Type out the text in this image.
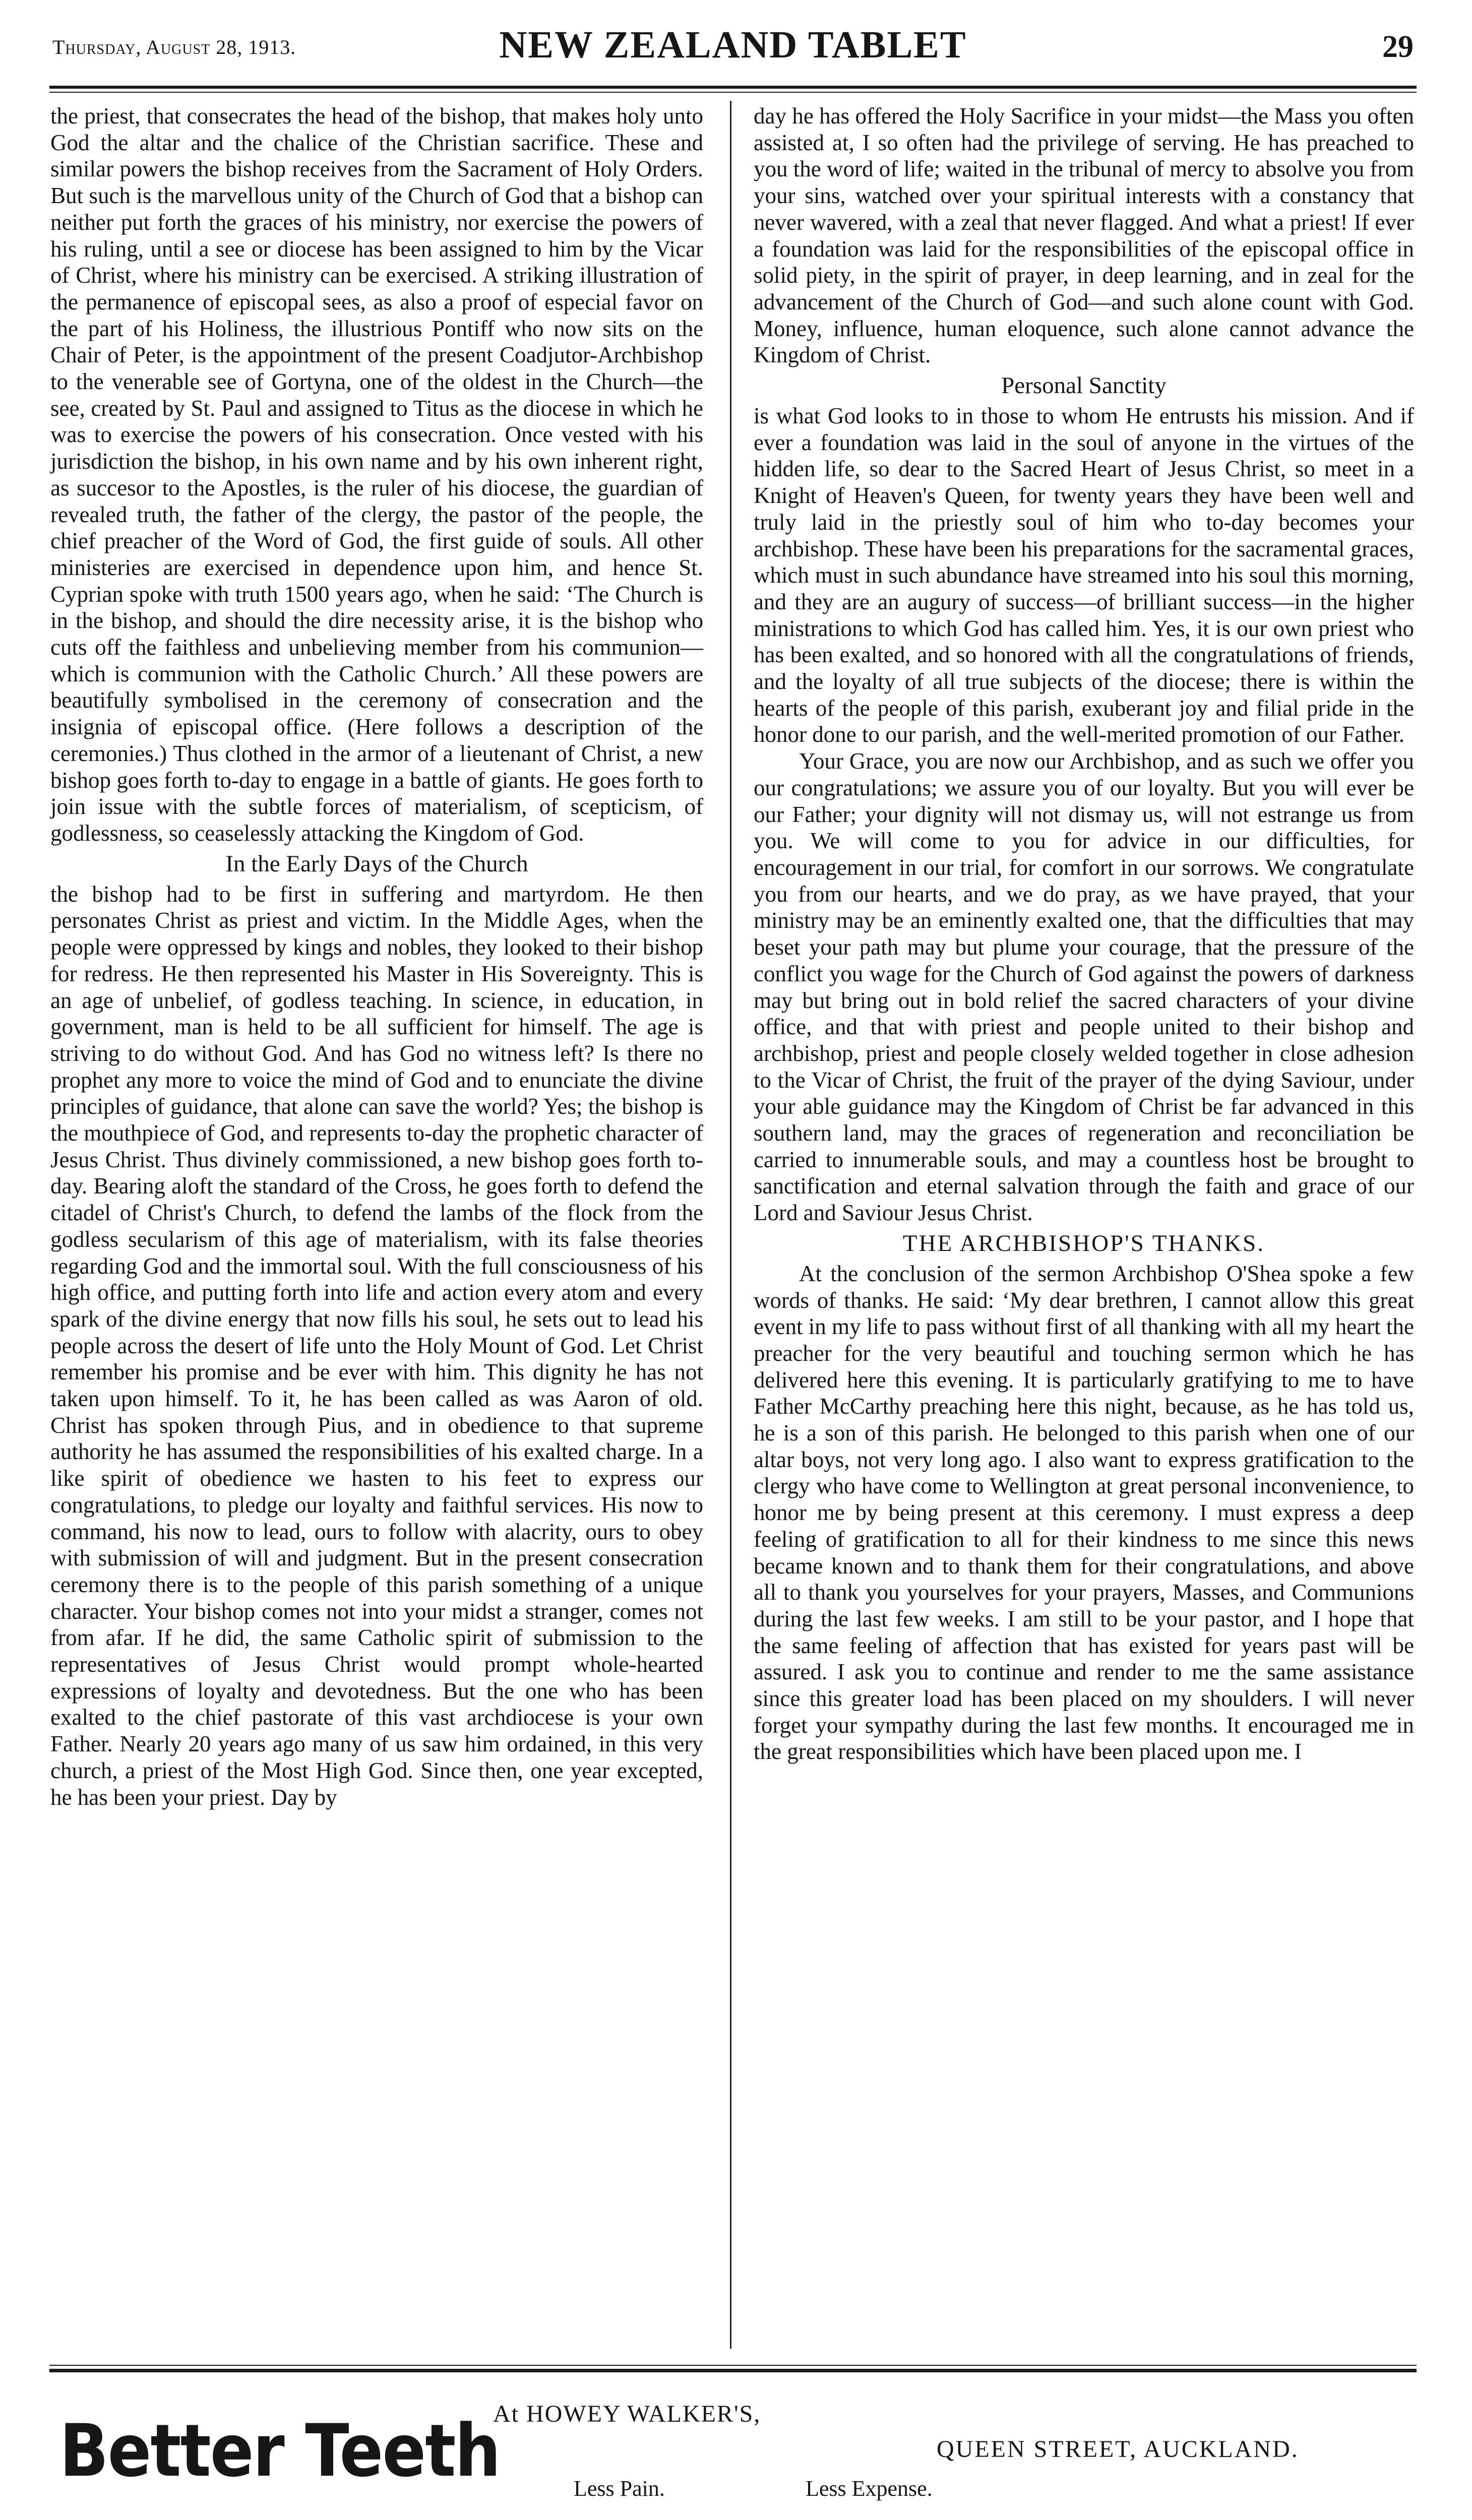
Thursday, August 28, 1913.	NEW ZEALAND TABLET	29

the priest, that consecrates the head of the bishop, that makes holy unto God the altar and the chalice of the Christian sacrifice. These and similar powers the bishop receives from the Sacrament of Holy Orders. But such is the marvellous unity of the Church of God that a bishop can neither put forth the graces of his ministry, nor exercise the powers of his ruling, until a see or diocese has been assigned to him by the Vicar of Christ, where his ministry can be exercised. A striking illustration of the permanence of episcopal sees, as also a proof of especial favor on the part of his Holiness, the illustrious Pontiff who now sits on the Chair of Peter, is the appointment of the present Coadjutor-Archbishop to the venerable see of Gortyna, one of the oldest in the Church—the see, created by St. Paul and assigned to Titus as the diocese in which he was to exercise the powers of his consecration. Once vested with his jurisdiction the bishop, in his own name and by his own inherent right, as succesor to the Apostles, is the ruler of his diocese, the guardian of revealed truth, the father of the clergy, the pastor of the people, the chief preacher of the Word of God, the first guide of souls. All other ministeries are exercised in dependence upon him, and hence St. Cyprian spoke with truth 1500 years ago, when he said: ‘The Church is in the bishop, and should the dire necessity arise, it is the bishop who cuts off the faithless and unbelieving member from his communion—which is communion with the Catholic Church.’ All these powers are beautifully symbolised in the ceremony of consecration and the insignia of episcopal office. (Here follows a description of the ceremonies.) Thus clothed in the armor of a lieutenant of Christ, a new bishop goes forth to-day to engage in a battle of giants. He goes forth to join issue with the subtle forces of materialism, of scepticism, of godlessness, so ceaselessly attacking the Kingdom of God.

In the Early Days of the Church

the bishop had to be first in suffering and martyrdom. He then personates Christ as priest and victim. In the Middle Ages, when the people were oppressed by kings and nobles, they looked to their bishop for redress. He then represented his Master in His Sovereignty. This is an age of unbelief, of godless teaching. In science, in education, in government, man is held to be all sufficient for himself. The age is striving to do without God. And has God no witness left? Is there no prophet any more to voice the mind of God and to enunciate the divine principles of guidance, that alone can save the world? Yes; the bishop is the mouthpiece of God, and represents to-day the prophetic character of Jesus Christ. Thus divinely commissioned, a new bishop goes forth to-day. Bearing aloft the standard of the Cross, he goes forth to defend the citadel of Christ's Church, to defend the lambs of the flock from the godless secularism of this age of materialism, with its false theories regarding God and the immortal soul. With the full consciousness of his high office, and putting forth into life and action every atom and every spark of the divine energy that now fills his soul, he sets out to lead his people across the desert of life unto the Holy Mount of God. Let Christ remember his promise and be ever with him. This dignity he has not taken upon himself. To it, he has been called as was Aaron of old. Christ has spoken through Pius, and in obedience to that supreme authority he has assumed the responsibilities of his exalted charge. In a like spirit of obedience we hasten to his feet to express our congratulations, to pledge our loyalty and faithful services. His now to command, his now to lead, ours to follow with alacrity, ours to obey with submission of will and judgment. But in the present consecration ceremony there is to the people of this parish something of a unique character. Your bishop comes not into your midst a stranger, comes not from afar. If he did, the same Catholic spirit of submission to the representatives of Jesus Christ would prompt whole-hearted expressions of loyalty and devotedness. But the one who has been exalted to the chief pastorate of this vast archdiocese is your own Father. Nearly 20 years ago many of us saw him ordained, in this very church, a priest of the Most High God. Since then, one year excepted, he has been your priest. Day by

day he has offered the Holy Sacrifice in your midst—the Mass you often assisted at, I so often had the privilege of serving. He has preached to you the word of life; waited in the tribunal of mercy to absolve you from your sins, watched over your spiritual interests with a constancy that never wavered, with a zeal that never flagged. And what a priest! If ever a foundation was laid for the responsibilities of the episcopal office in solid piety, in the spirit of prayer, in deep learning, and in zeal for the advancement of the Church of God—and such alone count with God. Money, influence, human eloquence, such alone cannot advance the Kingdom of Christ.

Personal Sanctity

is what God looks to in those to whom He entrusts his mission. And if ever a foundation was laid in the soul of anyone in the virtues of the hidden life, so dear to the Sacred Heart of Jesus Christ, so meet in a Knight of Heaven's Queen, for twenty years they have been well and truly laid in the priestly soul of him who to-day becomes your archbishop. These have been his preparations for the sacramental graces, which must in such abundance have streamed into his soul this morning, and they are an augury of success—of brilliant success—in the higher ministrations to which God has called him. Yes, it is our own priest who has been exalted, and so honored with all the congratulations of friends, and the loyalty of all true subjects of the diocese; there is within the hearts of the people of this parish, exuberant joy and filial pride in the honor done to our parish, and the well-merited promotion of our Father.

Your Grace, you are now our Archbishop, and as such we offer you our congratulations; we assure you of our loyalty. But you will ever be our Father; your dignity will not dismay us, will not estrange us from you. We will come to you for advice in our difficulties, for encouragement in our trial, for comfort in our sorrows. We congratulate you from our hearts, and we do pray, as we have prayed, that your ministry may be an eminently exalted one, that the difficulties that may beset your path may but plume your courage, that the pressure of the conflict you wage for the Church of God against the powers of darkness may but bring out in bold relief the sacred characters of your divine office, and that with priest and people united to their bishop and archbishop, priest and people closely welded together in close adhesion to the Vicar of Christ, the fruit of the prayer of the dying Saviour, under your able guidance may the Kingdom of Christ be far advanced in this southern land, may the graces of regeneration and reconciliation be carried to innumerable souls, and may a countless host be brought to sanctification and eternal salvation through the faith and grace of our Lord and Saviour Jesus Christ.

THE ARCHBISHOP'S THANKS.

At the conclusion of the sermon Archbishop O'Shea spoke a few words of thanks. He said: ‘My dear brethren, I cannot allow this great event in my life to pass without first of all thanking with all my heart the preacher for the very beautiful and touching sermon which he has delivered here this evening. It is particularly gratifying to me to have Father McCarthy preaching here this night, because, as he has told us, he is a son of this parish. He belonged to this parish when one of our altar boys, not very long ago. I also want to express gratification to the clergy who have come to Wellington at great personal inconvenience, to honor me by being present at this ceremony. I must express a deep feeling of gratification to all for their kindness to me since this news became known and to thank them for their congratulations, and above all to thank you yourselves for your prayers, Masses, and Communions during the last few weeks. I am still to be your pastor, and I hope that the same feeling of affection that has existed for years past will be assured. I ask you to continue and render to me the same assistance since this greater load has been placed on my shoulders. I will never forget your sympathy during the last few months. It encouraged me in the great responsibilities which have been placed upon me. I

Better Teeth
At HOWEY WALKER'S,
QUEEN STREET, AUCKLAND.
Less Pain.	Less Expense.
